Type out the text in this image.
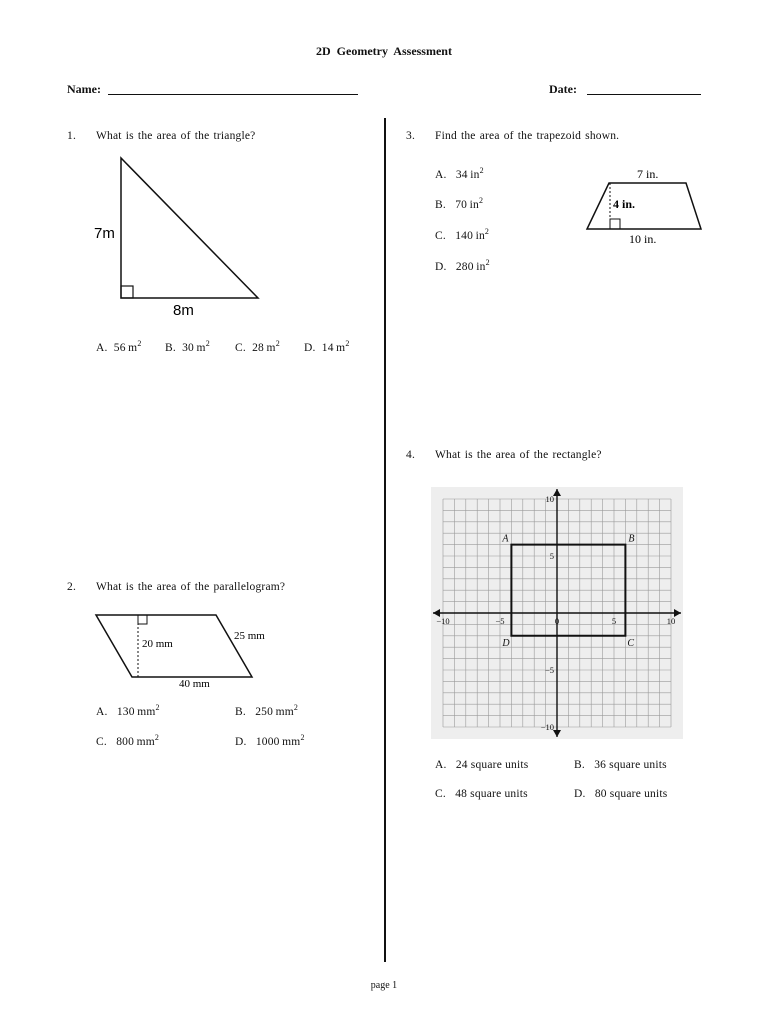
2D Geometry Assessment
Name:	Date:
1. What is the area of the triangle?
7m
8m
A. 56  $m^2$ B. 30  $m^2$ C. 28  $m^2$ D. 14  $m^2$
2. What is the area of the parallelogram?
20 mm
25 mm
40 mm
A. 130  $mm^2$	B. 250  $mm^2$
C. 800  $mm^2$	D. 1000  $mm^2$
3. Find the area of the trapezoid shown.
A. 34  $in^2$
B. 70  $in^2$
C. 140  $in^2$
D. 280  $in^2$
7 in.
4 in.
10 in.
4. What is the area of the rectangle?
−10	−5	0	5	10
10
5
−5
−10
A	B
C
D
A. 24 square units	B. 36 square units
C. 48 square units	D. 80 square units
page 1
